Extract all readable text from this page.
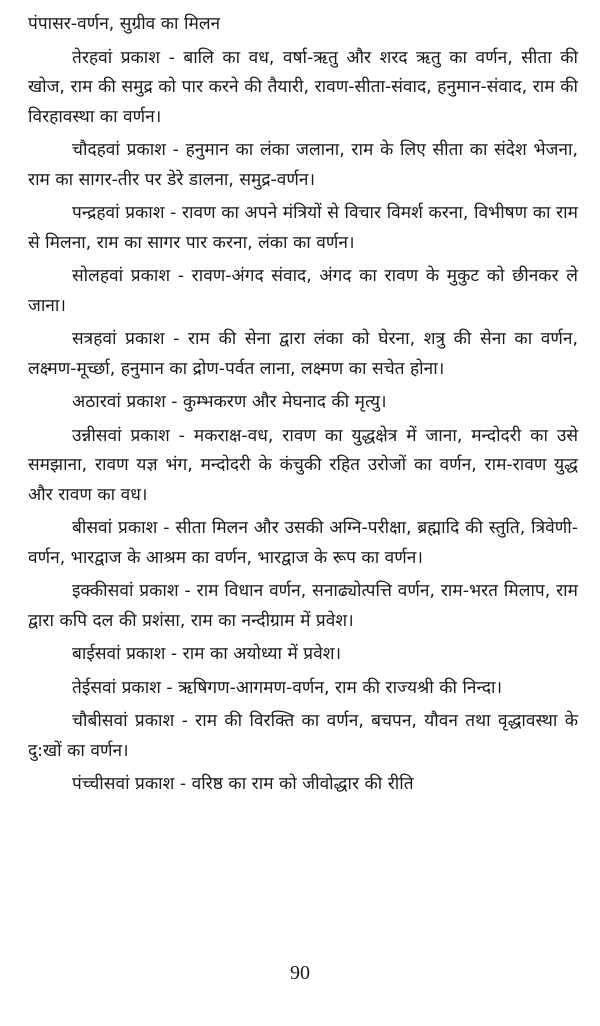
पंपासर-वर्णन, सुग्रीव का मिलन

तेरहवां प्रकाश - बालि का वध, वर्षा-ऋतु और शरद ऋतु का वर्णन, सीता की खोज, राम की समुद्र को पार करने की तैयारी, रावण-सीता-संवाद, हनुमान-संवाद, राम की विरहावस्था का वर्णन।

चौदहवां प्रकाश - हनुमान का लंका जलाना, राम के लिए सीता का संदेश भेजना, राम का सागर-तीर पर डेरे डालना, समुद्र-वर्णन।

पन्द्रहवां प्रकाश - रावण का अपने मंत्रियों से विचार विमर्श करना, विभीषण का राम से मिलना, राम का सागर पार करना, लंका का वर्णन।

सोलहवां प्रकाश - रावण-अंगद संवाद, अंगद का रावण के मुकुट को छीनकर ले जाना।

सत्रहवां प्रकाश - राम की सेना द्वारा लंका को घेरना, शत्रु की सेना का वर्णन, लक्ष्मण-मूर्च्छा, हनुमान का द्रोण-पर्वत लाना, लक्ष्मण का सचेत होना।

अठारवां प्रकाश - कुम्भकरण और मेघनाद की मृत्यु।

उन्नीसवां प्रकाश - मकराक्ष-वध, रावण का युद्धक्षेत्र में जाना, मन्दोदरी का उसे समझाना, रावण यज्ञ भंग, मन्दोदरी के कंचुकी रहित उरोजों का वर्णन, राम-रावण युद्ध और रावण का वध।

बीसवां प्रकाश - सीता मिलन और उसकी अग्नि-परीक्षा, ब्रह्मादि की स्तुति, त्रिवेणी-वर्णन, भारद्वाज के आश्रम का वर्णन, भारद्वाज के रूप का वर्णन।

इक्कीसवां प्रकाश - राम विधान वर्णन, सनाढ्योत्पत्ति वर्णन, राम-भरत मिलाप, राम द्वारा कपि दल की प्रशंसा, राम का नन्दीग्राम में प्रवेश।

बाईसवां प्रकाश - राम का अयोध्या में प्रवेश।

तेईसवां प्रकाश - ऋषिगण-आगमण-वर्णन, राम की राज्यश्री की निन्दा।

चौबीसवां प्रकाश - राम की विरक्ति का वर्णन, बचपन, यौवन तथा वृद्धावस्था के दु:खों का वर्णन।

पंच्चीसवां प्रकाश - वरिष्ठ का राम को जीवोद्धार की रीति

90
